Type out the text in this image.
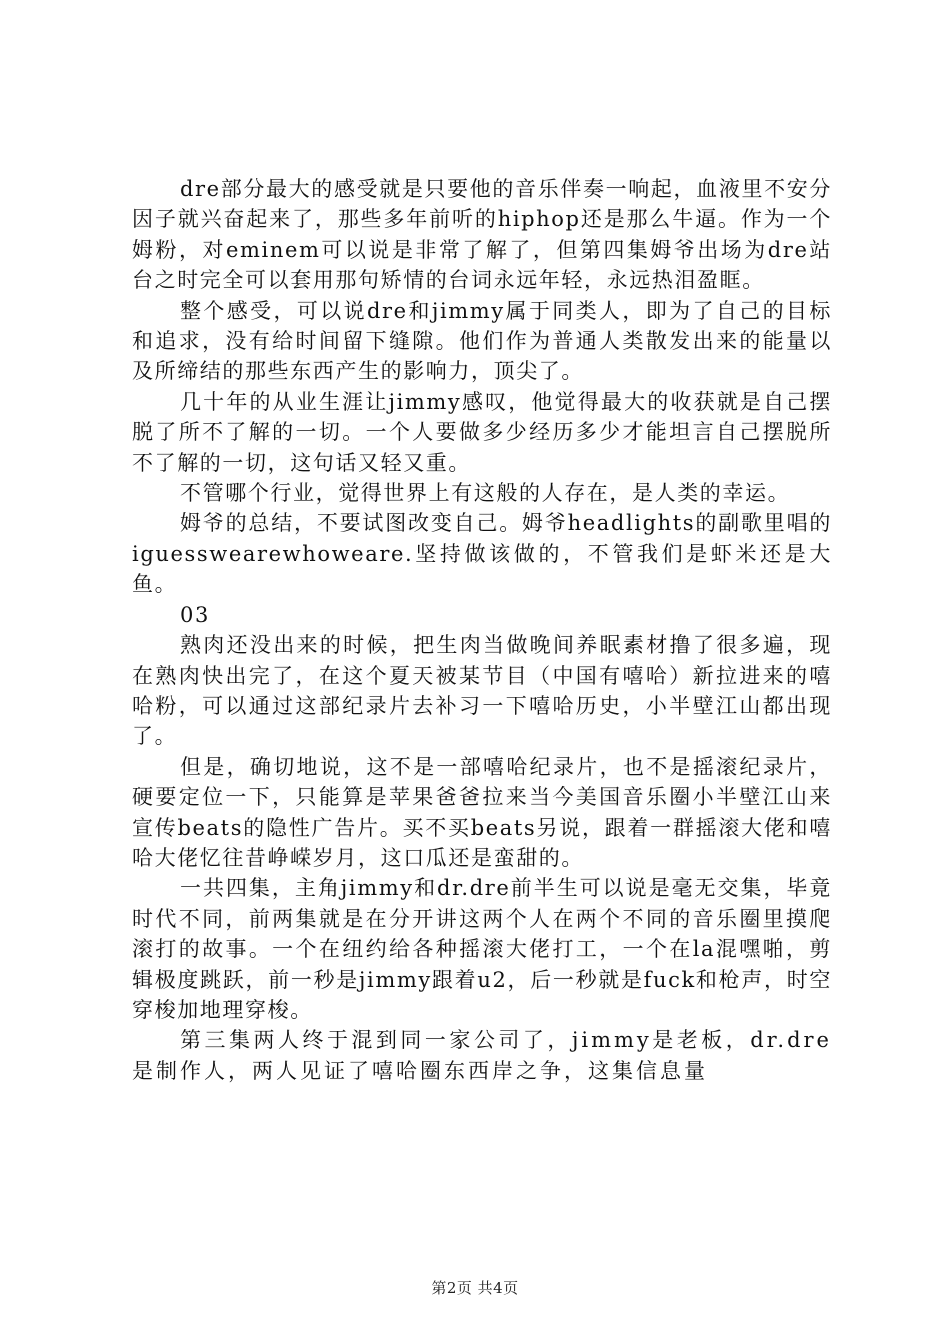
dre部分最大的感受就是只要他的音乐伴奏一响起，血液里不安分因子就兴奋起来了，那些多年前听的hiphop还是那么牛逼。作为一个姆粉，对eminem可以说是非常了解了，但第四集姆爷出场为dre站台之时完全可以套用那句矫情的台词永远年轻，永远热泪盈眶。

整个感受，可以说dre和jimmy属于同类人，即为了自己的目标和追求，没有给时间留下缝隙。他们作为普通人类散发出来的能量以及所缔结的那些东西产生的影响力，顶尖了。

几十年的从业生涯让jimmy感叹，他觉得最大的收获就是自己摆脱了所不了解的一切。一个人要做多少经历多少才能坦言自己摆脱所不了解的一切，这句话又轻又重。

不管哪个行业，觉得世界上有这般的人存在，是人类的幸运。

姆爷的总结，不要试图改变自己。姆爷headlights的副歌里唱的iguesswearewhoweare.坚持做该做的，不管我们是虾米还是大鱼。

03

熟肉还没出来的时候，把生肉当做晚间养眠素材撸了很多遍，现在熟肉快出完了，在这个夏天被某节目（中国有嘻哈）新拉进来的嘻哈粉，可以通过这部纪录片去补习一下嘻哈历史，小半壁江山都出现了。

但是，确切地说，这不是一部嘻哈纪录片，也不是摇滚纪录片，硬要定位一下，只能算是苹果爸爸拉来当今美国音乐圈小半壁江山来宣传beats的隐性广告片。买不买beats另说，跟着一群摇滚大佬和嘻哈大佬忆往昔峥嵘岁月，这口瓜还是蛮甜的。

一共四集，主角jimmy和dr.dre前半生可以说是毫无交集，毕竟时代不同，前两集就是在分开讲这两个人在两个不同的音乐圈里摸爬滚打的故事。一个在纽约给各种摇滚大佬打工，一个在la混嘿啪，剪辑极度跳跃，前一秒是jimmy跟着u2，后一秒就是fuck和枪声，时空穿梭加地理穿梭。

第三集两人终于混到同一家公司了，jimmy是老板，dr.dre是制作人，两人见证了嘻哈圈东西岸之争，这集信息量

第2页 共4页
